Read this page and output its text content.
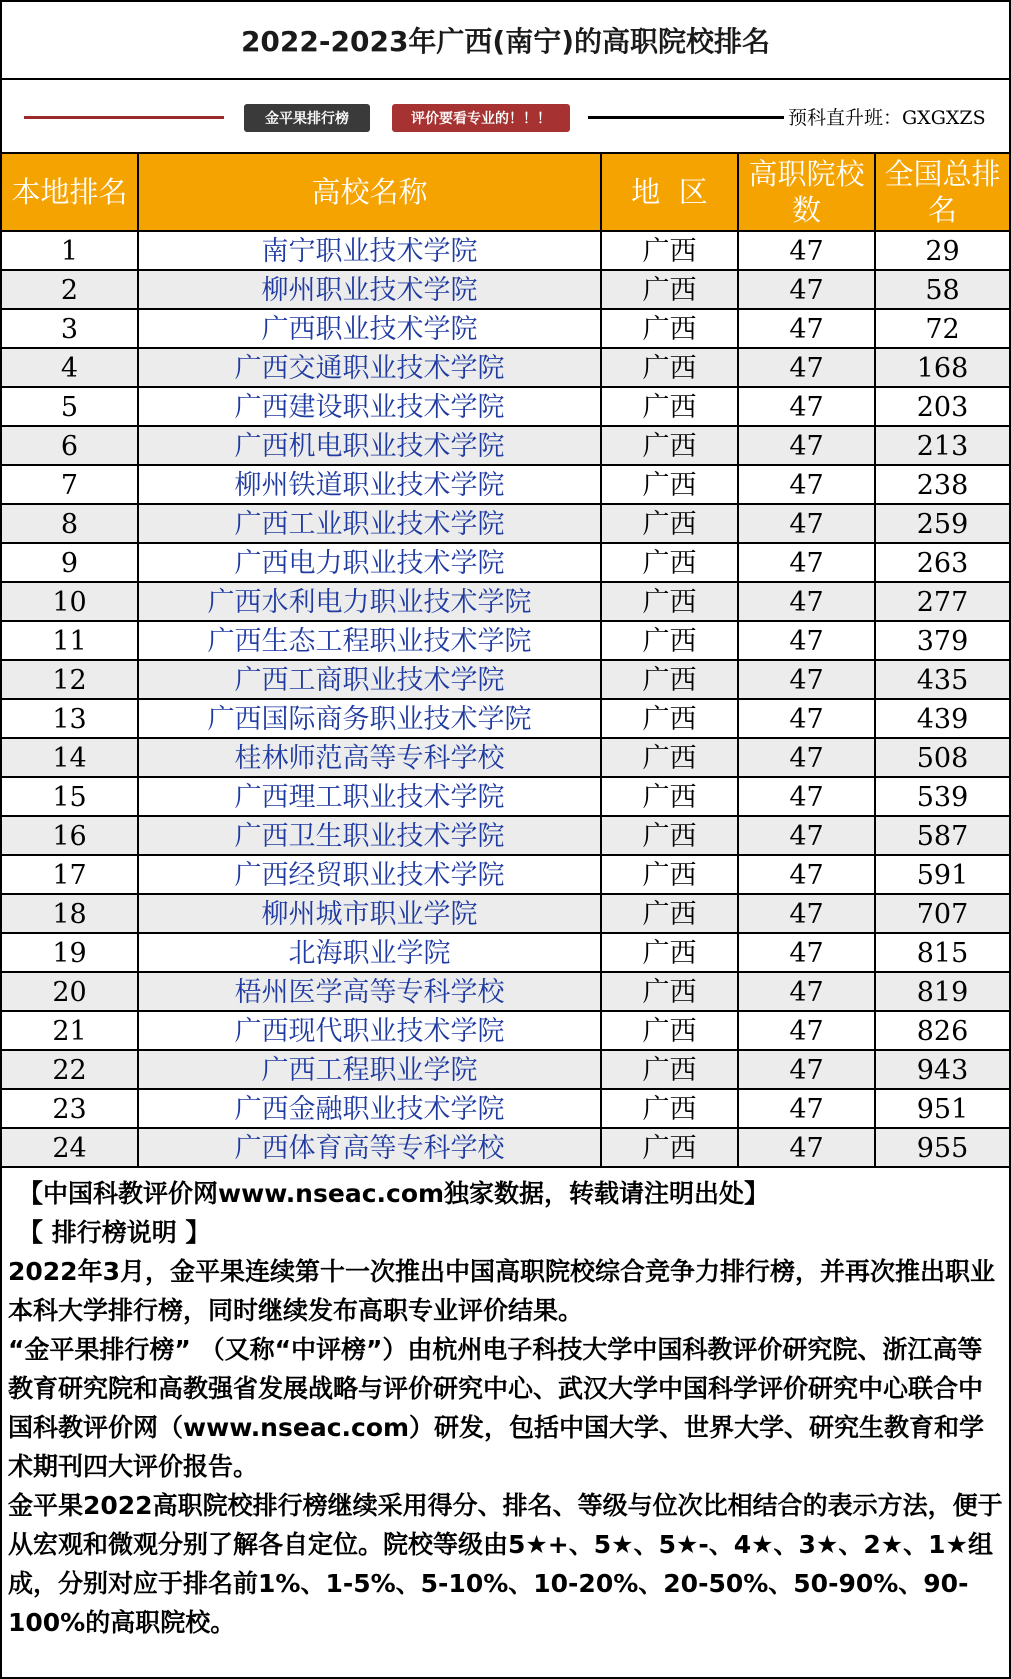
2022-2023年广西(南宁)的高职院校排名
金平果排行榜	评价要看专业的！！！	预科直升班：GXGXZS
本地排名	高校名称	地  区	高职院校数	全国总排名
1	南宁职业技术学院	广西	47	29
2	柳州职业技术学院	广西	47	58
3	广西职业技术学院	广西	47	72
4	广西交通职业技术学院	广西	47	168
5	广西建设职业技术学院	广西	47	203
6	广西机电职业技术学院	广西	47	213
7	柳州铁道职业技术学院	广西	47	238
8	广西工业职业技术学院	广西	47	259
9	广西电力职业技术学院	广西	47	263
10	广西水利电力职业技术学院	广西	47	277
11	广西生态工程职业技术学院	广西	47	379
12	广西工商职业技术学院	广西	47	435
13	广西国际商务职业技术学院	广西	47	439
14	桂林师范高等专科学校	广西	47	508
15	广西理工职业技术学院	广西	47	539
16	广西卫生职业技术学院	广西	47	587
17	广西经贸职业技术学院	广西	47	591
18	柳州城市职业学院	广西	47	707
19	北海职业学院	广西	47	815
20	梧州医学高等专科学校	广西	47	819
21	广西现代职业技术学院	广西	47	826
22	广西工程职业学院	广西	47	943
23	广西金融职业技术学院	广西	47	951
24	广西体育高等专科学校	广西	47	955

【中国科教评价网www.nseac.com独家数据，转载请注明出处】

【 排行榜说明 】

2022年3月，金平果连续第十一次推出中国高职院校综合竞争力排行榜，并再次推出职业本科大学排行榜，同时继续发布高职专业评价结果。

“金平果排行榜” （又称“中评榜”）由杭州电子科技大学中国科教评价研究院、浙江高等教育研究院和高教强省发展战略与评价研究中心、武汉大学中国科学评价研究中心联合中国科教评价网（www.nseac.com）研发，包括中国大学、世界大学、研究生教育和学术期刊四大评价报告。

金平果2022高职院校排行榜继续采用得分、排名、等级与位次比相结合的表示方法，便于从宏观和微观分别了解各自定位。院校等级由5★+、5★、5★-、4★、3★、2★、1★组成，分别对应于排名前1%、1-5%、5-10%、10-20%、20-50%、50-90%、90-100%的高职院校。
